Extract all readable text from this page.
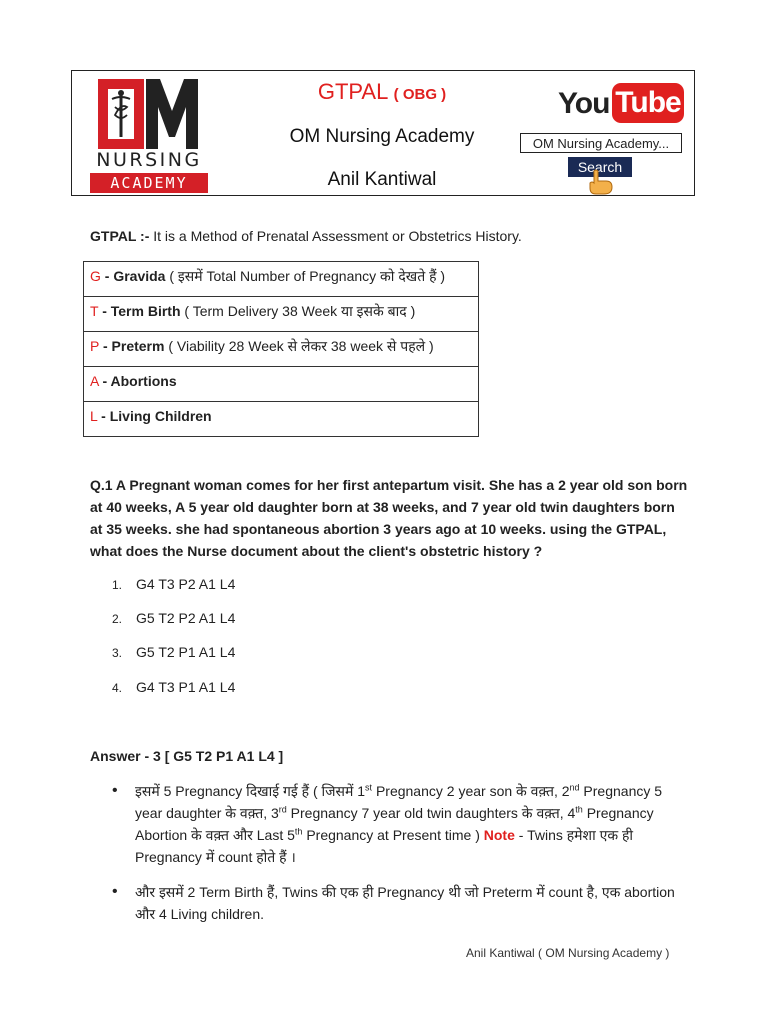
NURSING
ACADEMY
GTPAL ( OBG )
OM Nursing Academy
Anil Kantiwal
You Tube
OM Nursing Academy...
Search
GTPAL :- It is a Method of Prenatal Assessment or Obstetrics History.
G - Gravida ( इसमें Total Number of Pregnancy को देखते हैं )
T - Term Birth ( Term Delivery 38 Week या इसके बाद )
P - Preterm ( Viability 28 Week से लेकर 38 week से पहले )
A - Abortions
L - Living Children
Q.1 A Pregnant woman comes for her first antepartum visit. She has a 2 year old son born at 40 weeks, A 5 year old daughter born at 38 weeks, and 7 year old twin daughters born at 35 weeks. she had spontaneous abortion 3 years ago at 10 weeks. using the GTPAL, what does the Nurse document about the client's obstetric history ?
1. G4 T3 P2 A1 L4
2. G5 T2 P2 A1 L4
3. G5 T2 P1 A1 L4
4. G4 T3 P1 A1 L4
Answer - 3 [ G5 T2 P1 A1 L4 ]
• इसमें 5 Pregnancy दिखाई गई हैं ( जिसमें 1st Pregnancy 2 year son के वक़्त, 2nd Pregnancy 5 year daughter के वक़्त, 3rd Pregnancy 7 year old twin daughters के वक़्त, 4th Pregnancy Abortion के वक़्त और Last 5th Pregnancy at Present time ) Note - Twins हमेशा एक ही Pregnancy में count होते हैं ।
• और इसमें 2 Term Birth हैं, Twins की एक ही Pregnancy थी जो Preterm में count है, एक abortion और 4 Living children.
Anil Kantiwal ( OM Nursing Academy )
